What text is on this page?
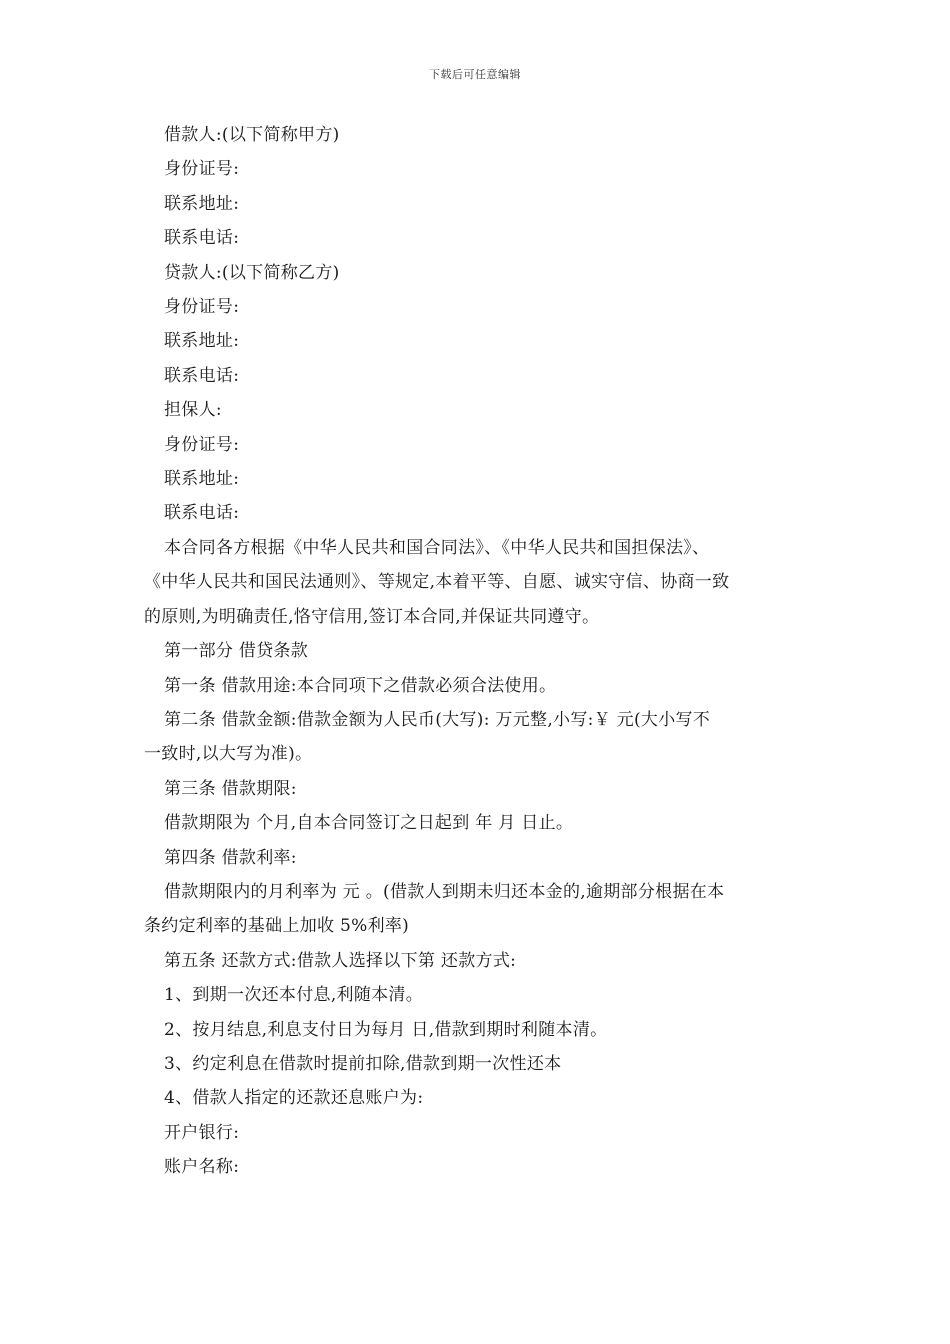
下载后可任意编辑
借款人:(以下简称甲方)
身份证号:
联系地址:
联系电话:
贷款人:(以下简称乙方)
身份证号:
联系地址:
联系电话:
担保人:
身份证号:
联系地址:
联系电话:
本合同各方根据《中华人民共和国合同法》、《中华人民共和国担保法》、
《中华人民共和国民法通则》、等规定,本着平等、自愿、诚实守信、协商一致
的原则,为明确责任,恪守信用,签订本合同,并保证共同遵守。
第一部分 借贷条款
第一条 借款用途:本合同项下之借款必须合法使用。
第二条 借款金额:借款金额为人民币(大写): 万元整,小写:￥ 元(大小写不
一致时,以大写为准)。
第三条 借款期限:
借款期限为 个月,自本合同签订之日起到 年 月 日止。
第四条 借款利率:
借款期限内的月利率为 元 。(借款人到期未归还本金的,逾期部分根据在本
条约定利率的基础上加收 5%利率)
第五条 还款方式:借款人选择以下第 还款方式:
1、到期一次还本付息,利随本清。
2、按月结息,利息支付日为每月 日,借款到期时利随本清。
3、约定利息在借款时提前扣除,借款到期一次性还本
4、借款人指定的还款还息账户为:
开户银行:
账户名称:
